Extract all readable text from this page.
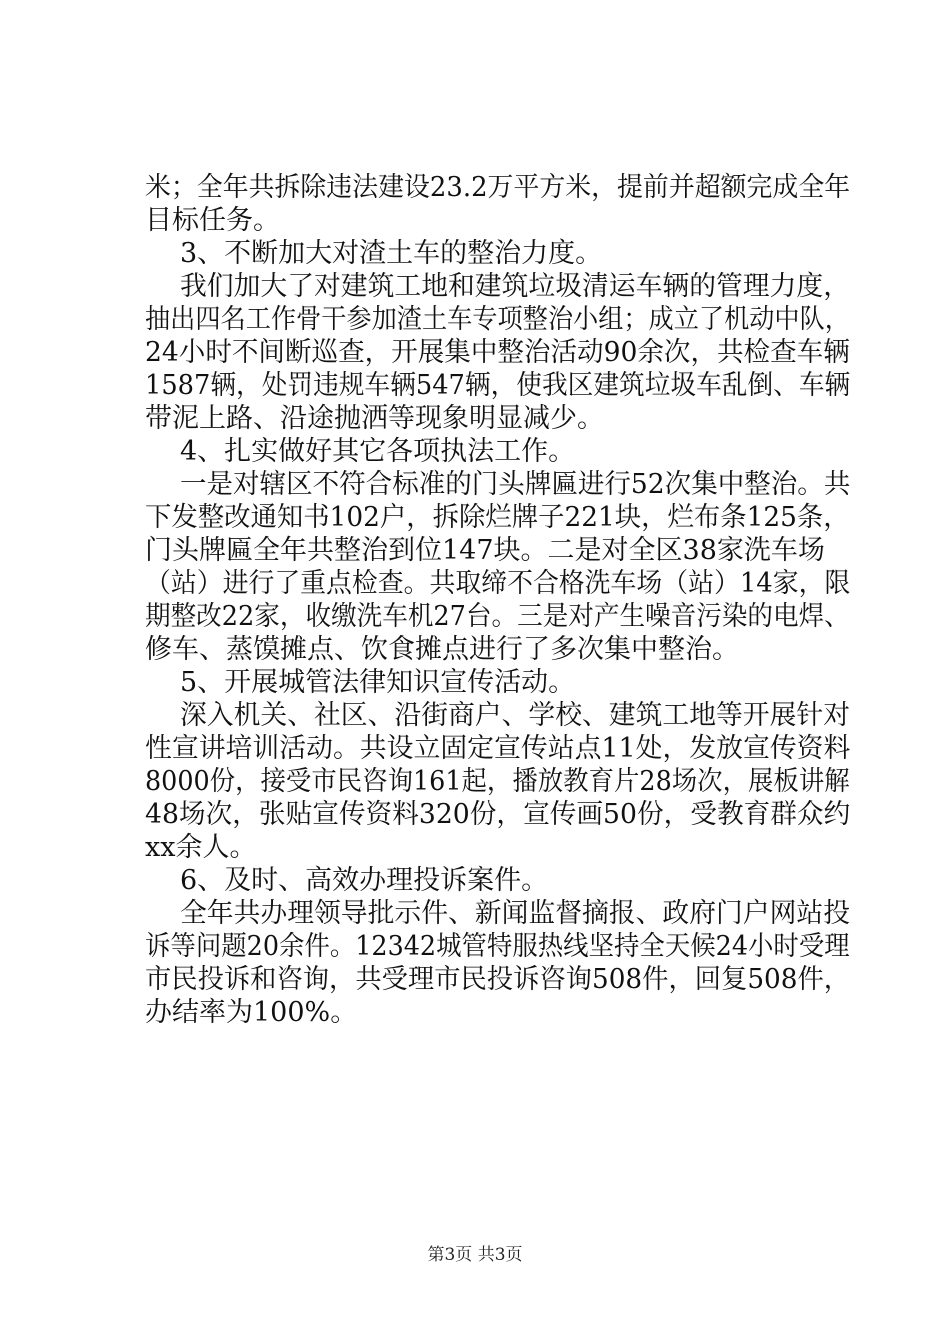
米；全年共拆除违法建设23.2万平方米，提前并超额完成全年
目标任务。
3、不断加大对渣土车的整治力度。
我们加大了对建筑工地和建筑垃圾清运车辆的管理力度，
抽出四名工作骨干参加渣土车专项整治小组；成立了机动中队，
24小时不间断巡查，开展集中整治活动90余次，共检查车辆
1587辆，处罚违规车辆547辆，使我区建筑垃圾车乱倒、车辆
带泥上路、沿途抛洒等现象明显减少。
4、扎实做好其它各项执法工作。
一是对辖区不符合标准的门头牌匾进行52次集中整治。共
下发整改通知书102户，拆除烂牌子221块，烂布条125条，
门头牌匾全年共整治到位147块。二是对全区38家洗车场
（站）进行了重点检查。共取缔不合格洗车场（站）14家，限
期整改22家，收缴洗车机27台。三是对产生噪音污染的电焊、
修车、蒸馍摊点、饮食摊点进行了多次集中整治。
5、开展城管法律知识宣传活动。
深入机关、社区、沿街商户、学校、建筑工地等开展针对
性宣讲培训活动。共设立固定宣传站点11处，发放宣传资料
8000份，接受市民咨询161起，播放教育片28场次，展板讲解
48场次，张贴宣传资料320份，宣传画50份，受教育群众约
xx余人。
6、及时、高效办理投诉案件。
全年共办理领导批示件、新闻监督摘报、政府门户网站投
诉等问题20余件。12342城管特服热线坚持全天候24小时受理
市民投诉和咨询，共受理市民投诉咨询508件，回复508件，
办结率为100%。
第3页 共3页
